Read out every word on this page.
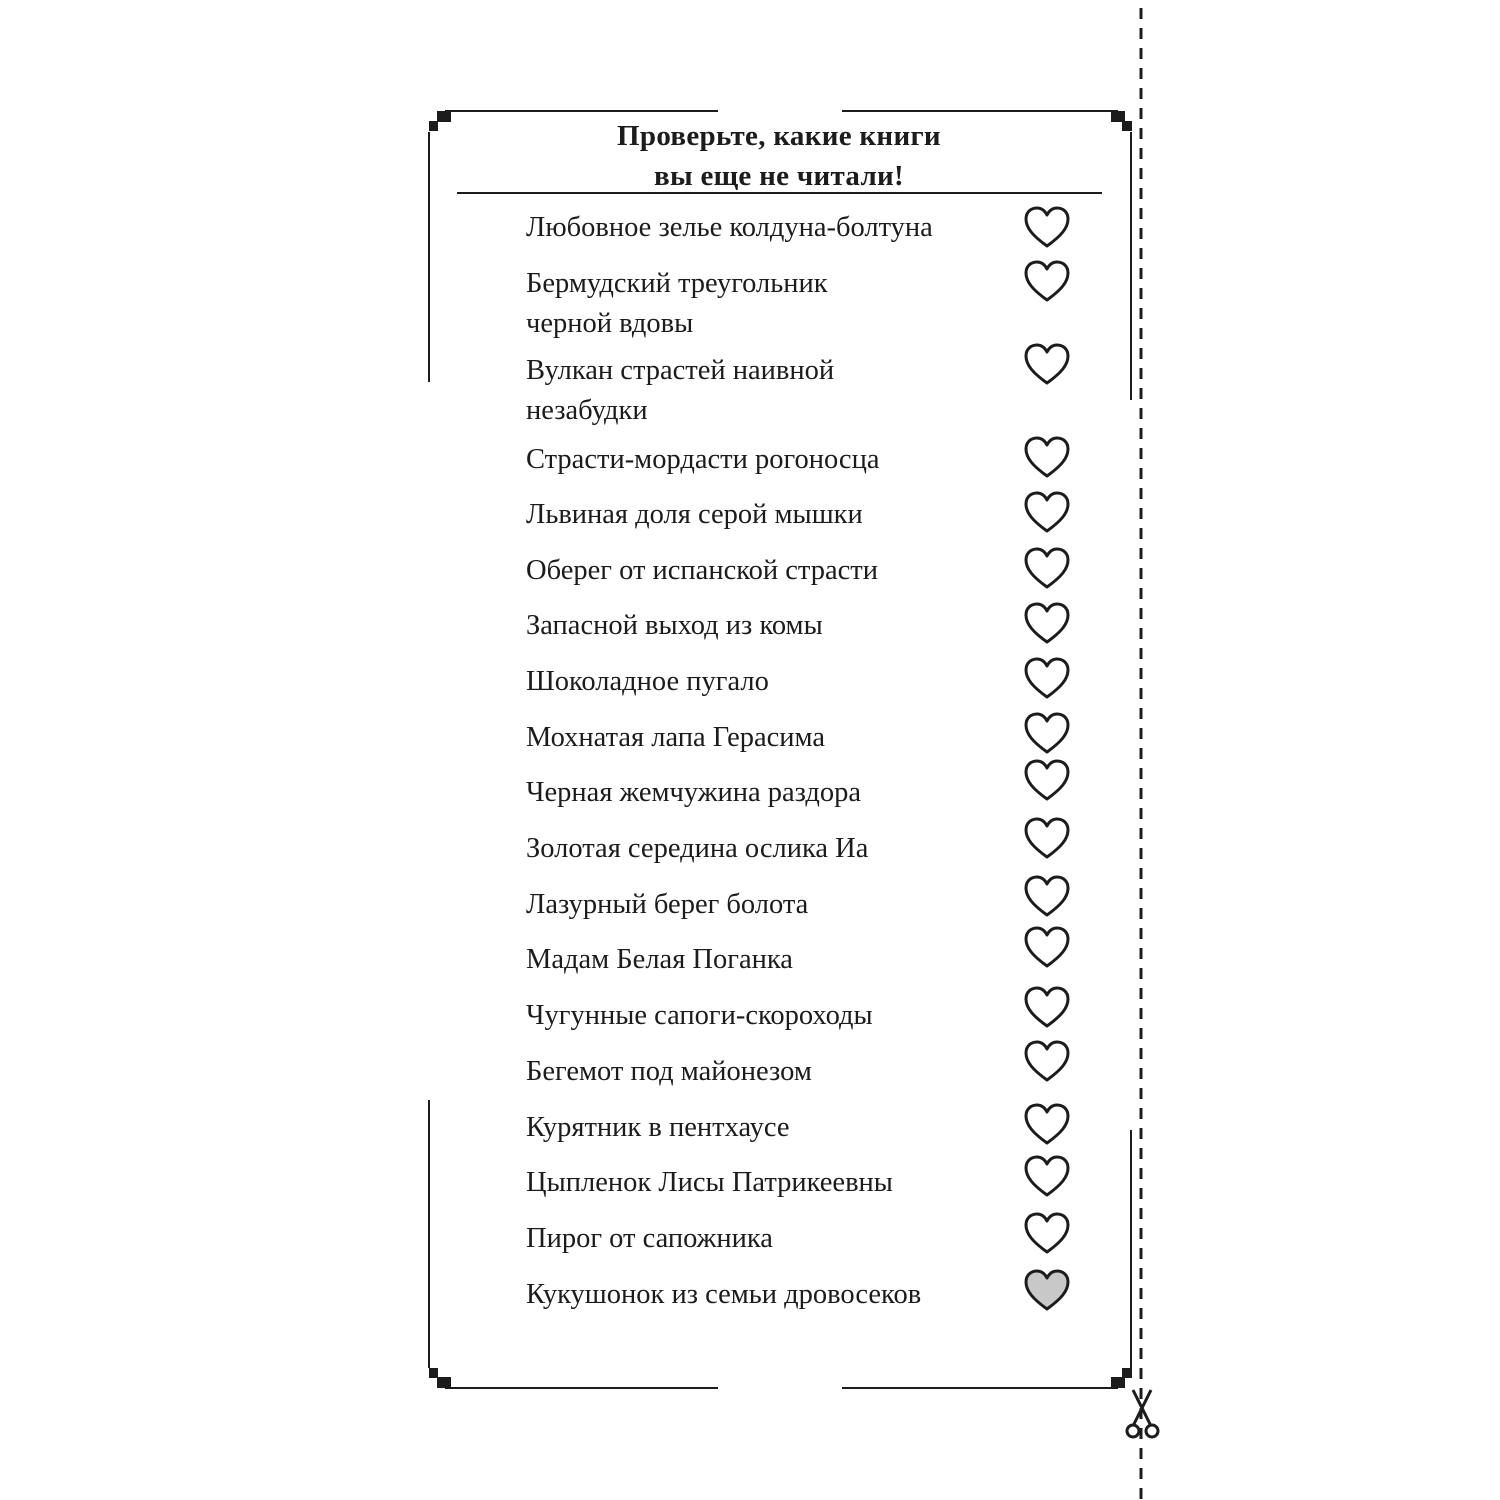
Проверьте, какие книги
вы еще не читали!
Любовное зелье колдуна-болтуна
Бермудский треугольник
черной вдовы
Вулкан страстей наивной
незабудки
Страсти-мордасти рогоносца
Львиная доля серой мышки
Оберег от испанской страсти
Запасной выход из комы
Шоколадное пугало
Мохнатая лапа Герасима
Черная жемчужина раздора
Золотая середина ослика Иа
Лазурный берег болота
Мадам Белая Поганка
Чугунные сапоги-скороходы
Бегемот под майонезом
Курятник в пентхаусе
Цыпленок Лисы Патрикеевны
Пирог от сапожника
Кукушонок из семьи дровосеков
